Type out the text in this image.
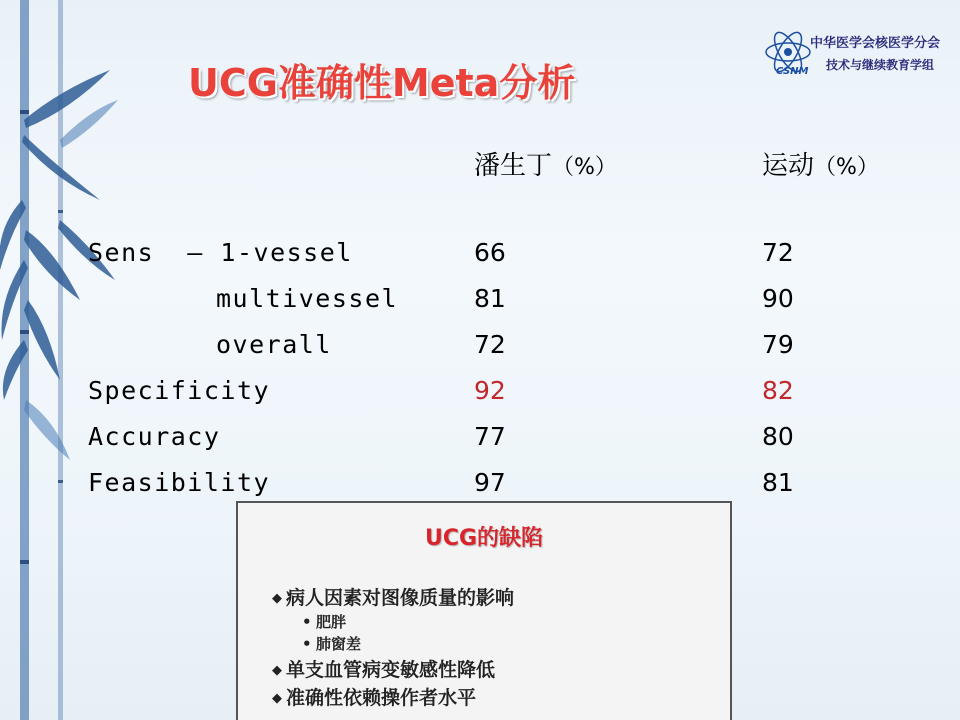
UCG准确性Meta分析	CSNM
中华医学会核医学分会
技术与继续教育学组
潘生丁（%）	运动（%）
Sens  – 1-vessel
multivessel
overall
Specificity
Accuracy
Feasibility
66
81
72
92
77
97
72
90
79
82
80
81
UCG的缺陷
◆ 病人因素对图像质量的影响
• 肥胖
• 肺窗差
◆ 单支血管病变敏感性降低
◆ 准确性依赖操作者水平
